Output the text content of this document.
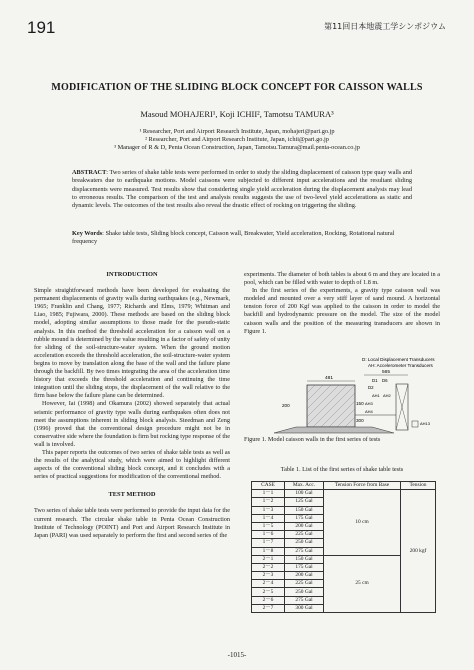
191	第11回日本地震工学シンポジウム
MODIFICATION OF THE SLIDING BLOCK CONCEPT FOR CAISSON WALLS
Masoud MOHAJERI¹, Koji ICHII², Tamotsu TAMURA³
¹ Researcher, Port and Airport Research Institute, Japan, mohajeri@pari.go.jp
² Researcher, Port and Airport Research Institute, Japan, ichii@pari.go.jp
³ Manager of R & D, Penta Ocean Construction, Japan, Tamotsu.Tamura@mail.penta-ocean.co.jp
ABSTRACT: Two series of shake table tests were performed in order to study the sliding displacement of caisson type quay walls and breakwaters due to earthquake motions. Model caissons were subjected to different input accelerations and the resultant sliding displacements were measured. Test results show that considering single yield acceleration during the displacement analysis may lead to erroneous results. The comparison of the test and analysis results suggests the use of two-level yield accelerations as static and dynamic levels. The outcomes of the test results also reveal the drastic effect of rocking on triggering the sliding.
Key Words: Shake table tests, Sliding block concept, Caisson wall, Breakwater, Yield acceleration, Rocking, Rotational natural frequency

INTRODUCTION

Simple straightforward methods have been developed for evaluating the permanent displacements of gravity walls during earthquakes (e.g., Newmark, 1965; Franklin and Chang, 1977; Richards and Elms, 1979; Whitman and Liao, 1985; Fujiwara, 2000). These methods are based on the sliding block model, adopting similar assumptions to those made for the pseudo-static analysis. In this method the threshold acceleration for a caisson wall on a rubble mound is determined by the value resulting in a factor of safety of unity for sliding of the soil-structure-water system. When the ground motion acceleration exceeds the threshold acceleration, the soil-structure-water system begins to move by translation along the base of the wall and the failure plane through the backfill. By two times integrating the area of the acceleration time history that exceeds the threshold acceleration and continuing the time integration until the sliding stops, the displacement of the wall relative to the firm base below the failure plane can be determined.

However, Iai (1998) and Okamura (2002) showed separately that actual seismic performance of gravity type walls during earthquakes often does not meet the assumptions inherent in sliding block analysis. Steedman and Zeng (1996) proved that the conventional design procedure might not be in conservative side where the foundation is firm but rocking type response of the wall is involved.

This paper reports the outcomes of two series of shake table tests as well as the results of the analytical study, which were aimed to highlight different aspects of the conventional sliding block concept, and it concludes with a series of practical suggestions for modification of the conventional method.

TEST METHOD

Two series of shake table tests were performed to provide the input data for the current research. The circular shake table in Penta Ocean Construction Institute of Technology (POINT) and Port and Airport Research Institute in Japan (PARI) was used separately to perform the first and second series of the

experiments. The diameter of both tables is about 6 m and they are located in a pool, which can be filled with water to depth of 1.8 m.

In the first series of the experiments, a gravity type caisson wall was modeled and mounted over a very stiff layer of sand mound. A horizontal tension force of 200 Kgf was applied to the caisson in order to model the backfill and hydrodynamic pressure on the model. The size of the model caisson walls and the position of the measuring transducers are shown in Figure 1.

D: Local Displacement Transducers
AH: Accelerometer Transducers
481
565
200	150
300
D1 D6
D2
AH1 AH2
AH3
AH4
AH13
Figure 1. Model caisson walls in the first series of tests
Table 1. List of the first series of shake table tests
CASE	Max. Acc.	Tension Force from Base	Tension
1－1	100 Gal	10 cm	200 kgf
1－2	125 Gal		
1－3	150 Gal		
1－4	175 Gal		
1－5	200 Gal		
1－6	225 Gal		
1－7	250 Gal		
1－8	275 Gal		
2－1	150 Gal	25 cm	
2－2	175 Gal		
2－3	200 Gal		
2－4	225 Gal		
2－5	250 Gal		
2－6	275 Gal		
2－7	300 Gal		
-1015-
